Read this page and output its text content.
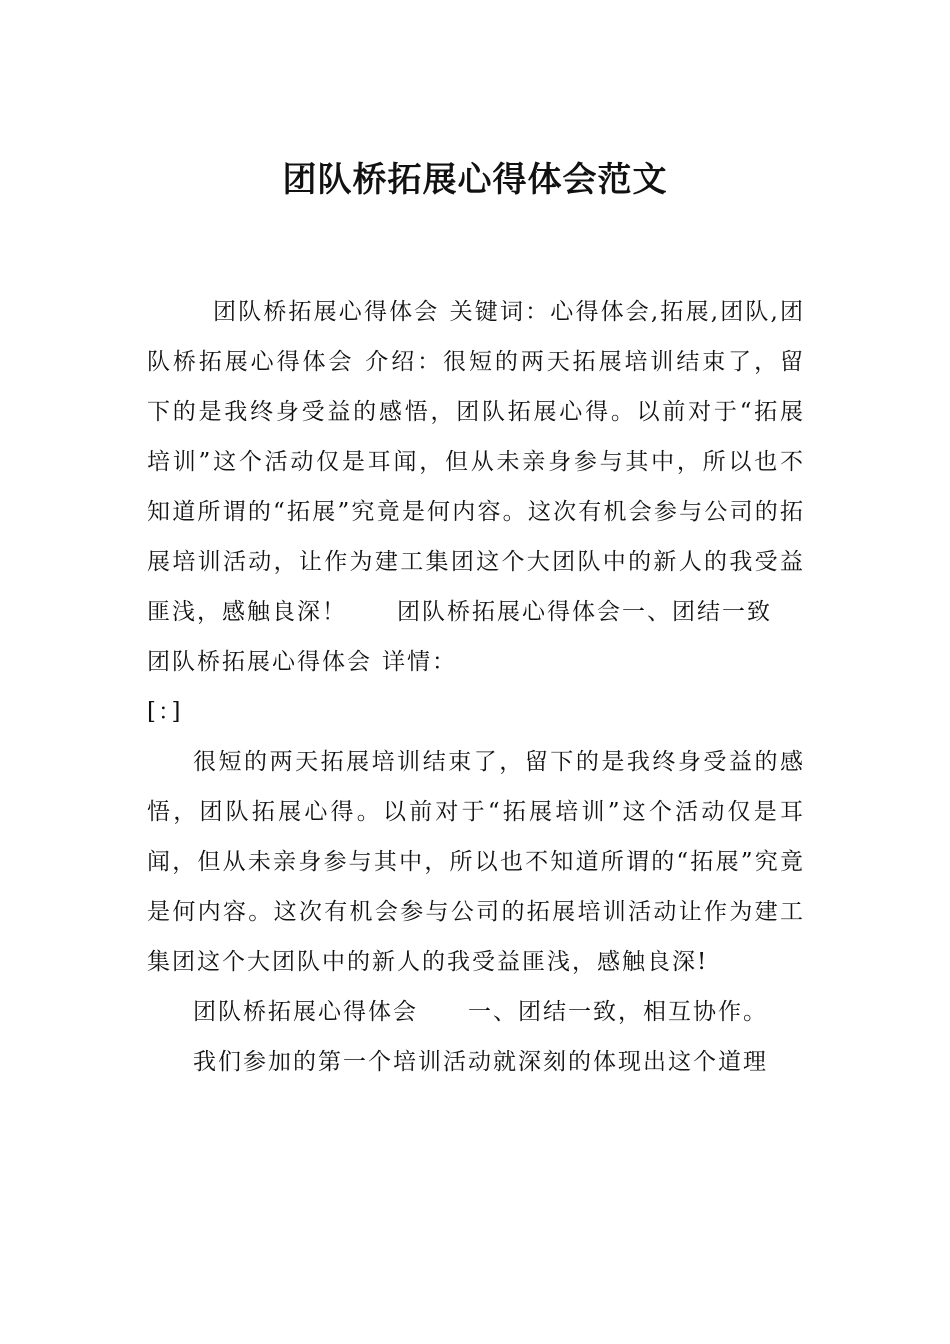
团队桥拓展心得体会范文

团队桥拓展心得体会 关键词：心得体会,拓展,团队,团队桥拓展心得体会 介绍：很短的两天拓展培训结束了，留下的是我终身受益的感悟，团队拓展心得。以前对于“拓展培训”这个活动仅是耳闻，但从未亲身参与其中，所以也不知道所谓的“拓展”究竟是何内容。这次有机会参与公司的拓展培训活动，让作为建工集团这个大团队中的新人的我受益匪浅，感触良深！ 团队桥拓展心得体会一、团结一致

团队桥拓展心得体会 详情：

[：]

很短的两天拓展培训结束了，留下的是我终身受益的感悟，团队拓展心得。以前对于“拓展培训”这个活动仅是耳闻，但从未亲身参与其中，所以也不知道所谓的“拓展”究竟是何内容。这次有机会参与公司的拓展培训活动让作为建工集团这个大团队中的新人的我受益匪浅，感触良深!

团队桥拓展心得体会 一、团结一致，相互协作。

我们参加的第一个培训活动就深刻的体现出这个道理
